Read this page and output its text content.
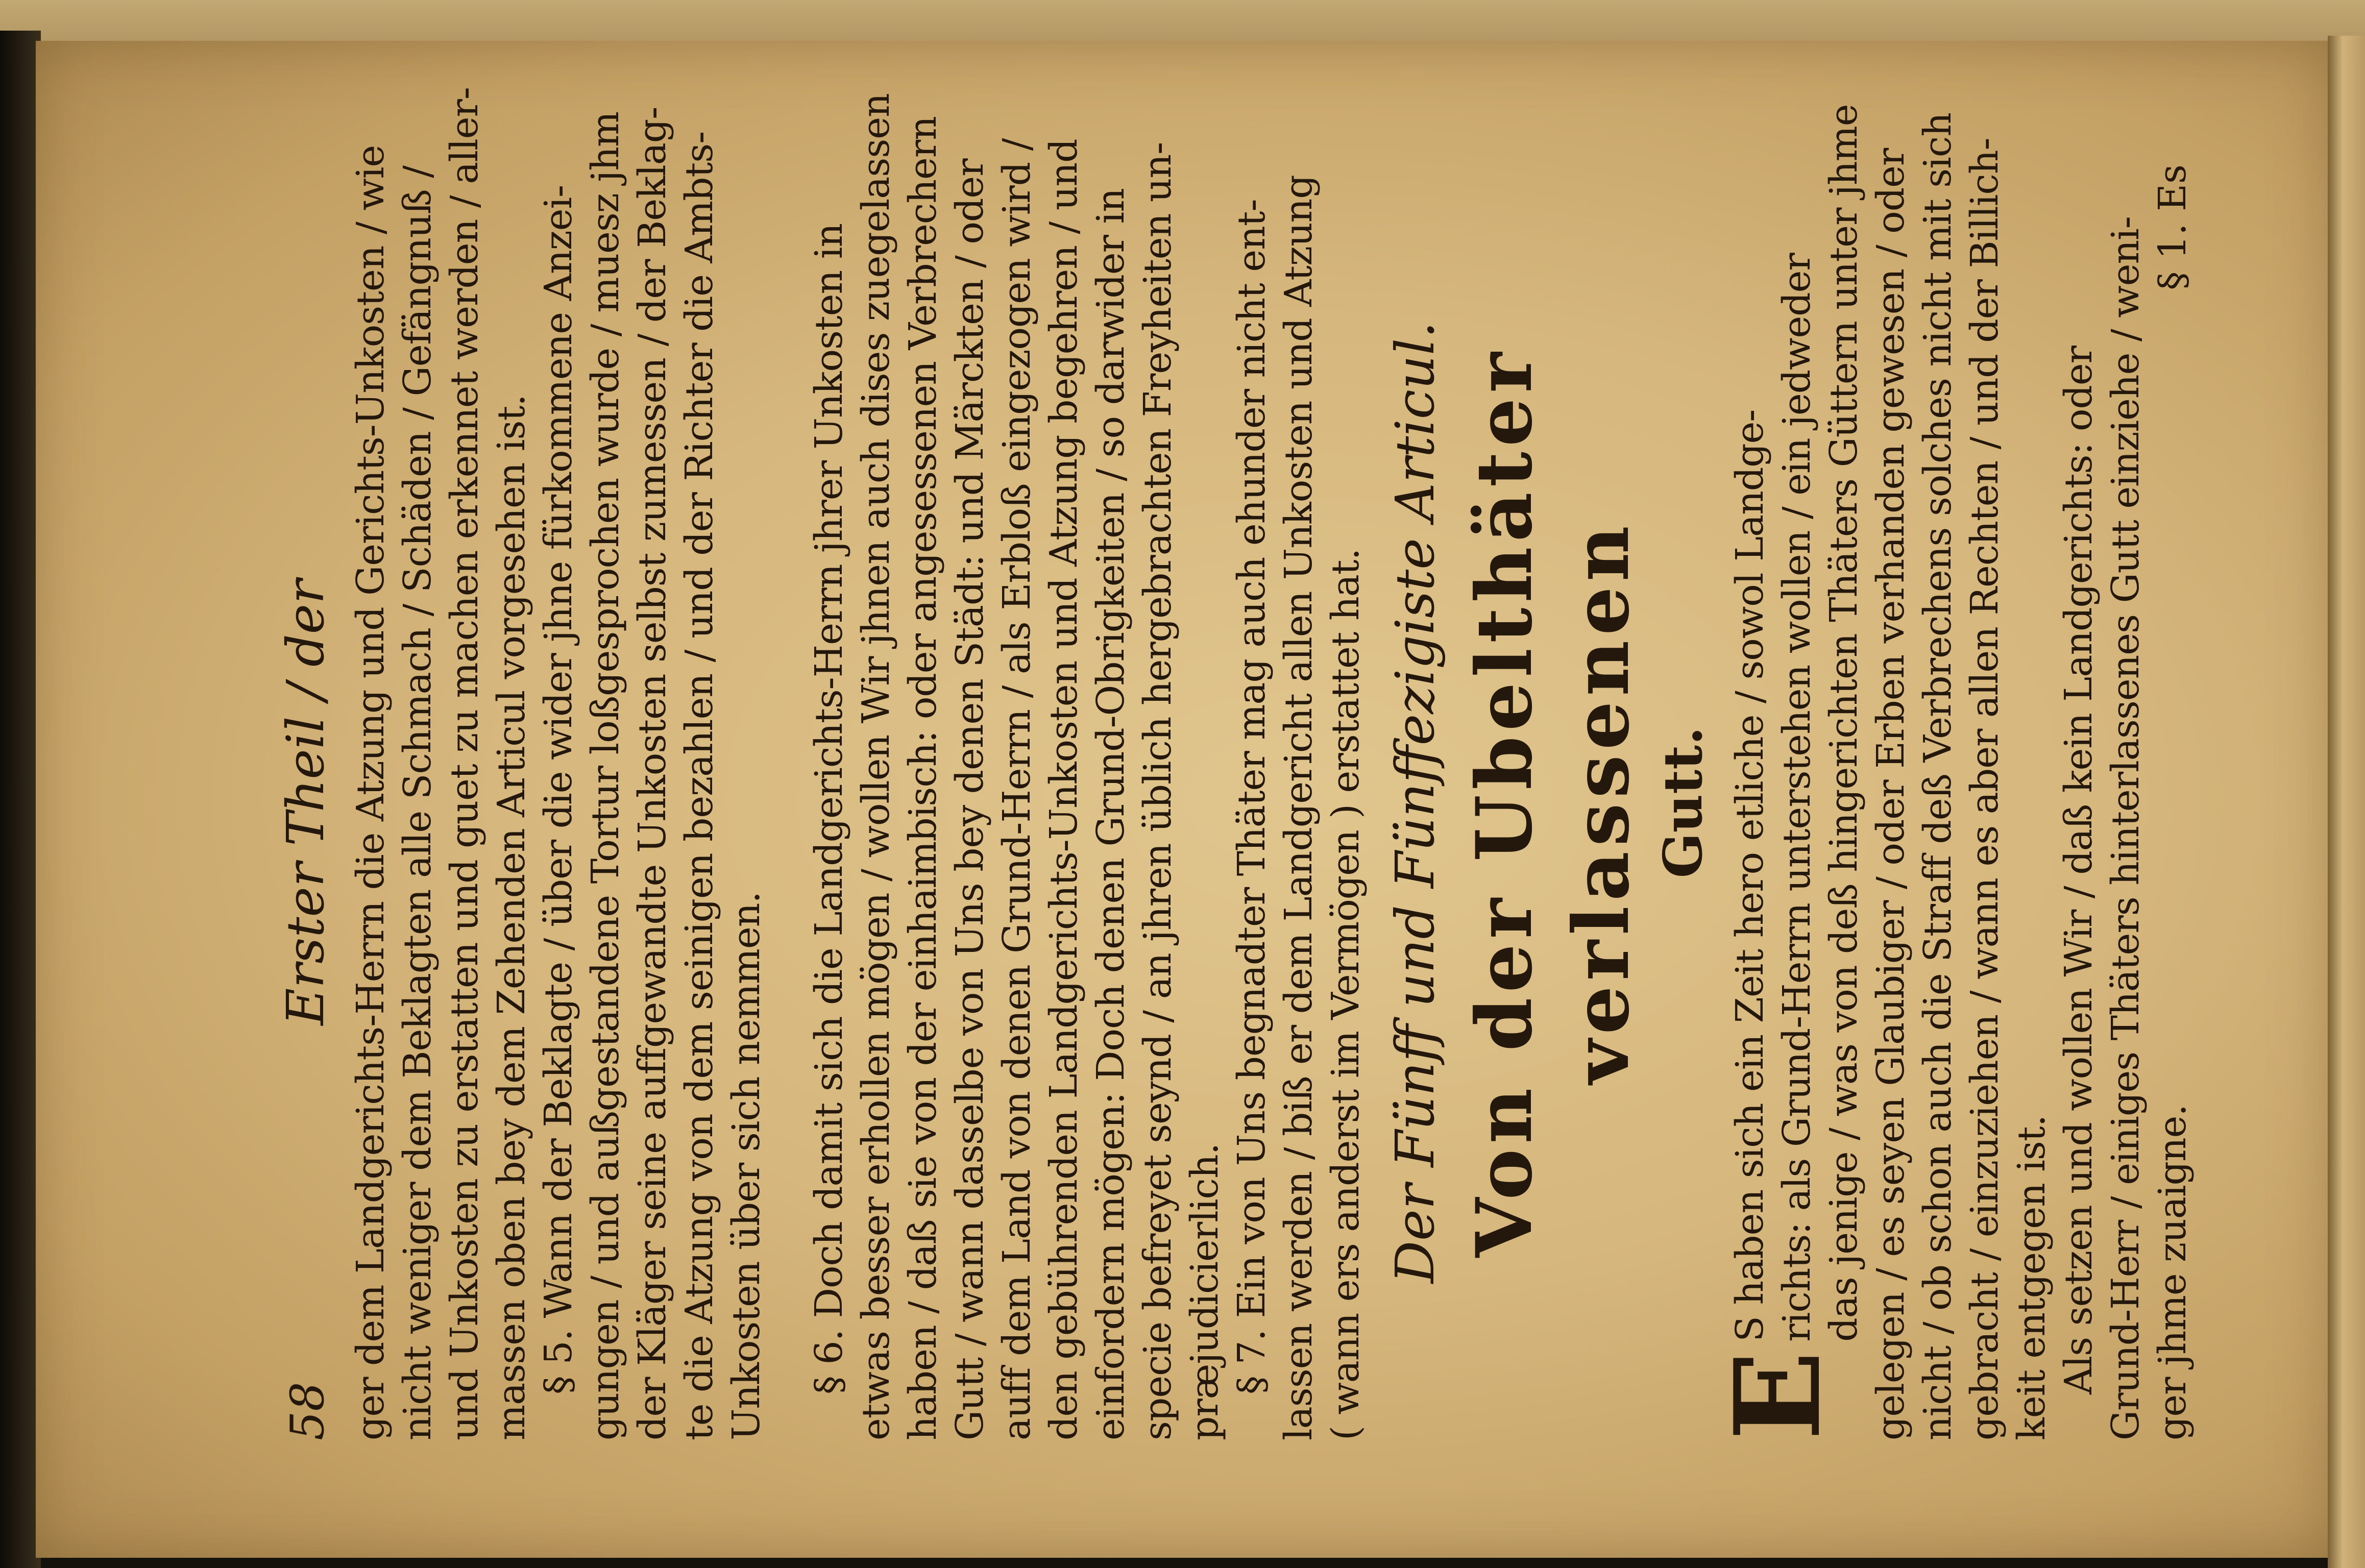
58
Erster Theil / der ger dem Landgerichts-Herrn die Atzung und Gerichts-Unkosten / wie nicht weniger dem Beklagten alle Schmach / Schäden / Gefängnuß / und Unkosten zu erstatten und guet zu machen erkennet werden / aller- massen oben bey dem Zehenden Articul vorgesehen ist. § 5. Wann der Beklagte / über die wider jhne fürkommene Anzei- gungen / und außgestandene Tortur loßgesprochen wurde / muesz jhm der Kläger seine auffgewandte Unkosten selbst zumessen / der Beklag- te die Atzung von dem seinigen bezahlen / und der Richter die Ambts- Unkosten über sich nemmen. § 6. Doch damit sich die Landgerichts-Herrn jhrer Unkosten in etwas besser erhollen mögen / wollen Wir jhnen auch dises zuegelassen haben / daß sie von der einhaimbisch: oder angesessenen Verbrechern Gutt / wann dasselbe von Uns bey denen Städt: und Märckten / oder auff dem Land von denen Grund-Herrn / als Erbloß eingezogen wird / den gebührenden Landgerichts-Unkosten und Atzung begehren / und einfordern mögen: Doch denen Grund-Obrigkeiten / so darwider in specie befreyet seynd / an jhren üblich hergebrachten Freyheiten un- præjudicierlich. § 7. Ein von Uns begnadter Thäter mag auch ehunder nicht ent- lassen werden / biß er dem Landgericht allen Unkosten und Atzung ( wann ers anderst im Vermögen ) erstattet hat. Der Fünff und Fünffezigiste Articul. Von der Ubelthäter verlassenen Gutt.
E
S haben sich ein Zeit hero etliche / sowol Landge- richts: als Grund-Herrn unterstehen wollen / ein jedweder das jenige / was von deß hingerichten Thäters Güttern unter jhme gelegen / es seyen Glaubiger / oder Erben verhanden gewesen / oder nicht / ob schon auch die Straff deß Verbrechens solches nicht mit sich gebracht / einzuziehen / wann es aber allen Rechten / und der Billich- keit entgegen ist. Als setzen und wollen Wir / daß kein Landgerichts: oder Grund-Herr / einiges Thäters hinterlassenes Gutt einziehe / weni- ger jhme zuaigne.
§ 1. Es
